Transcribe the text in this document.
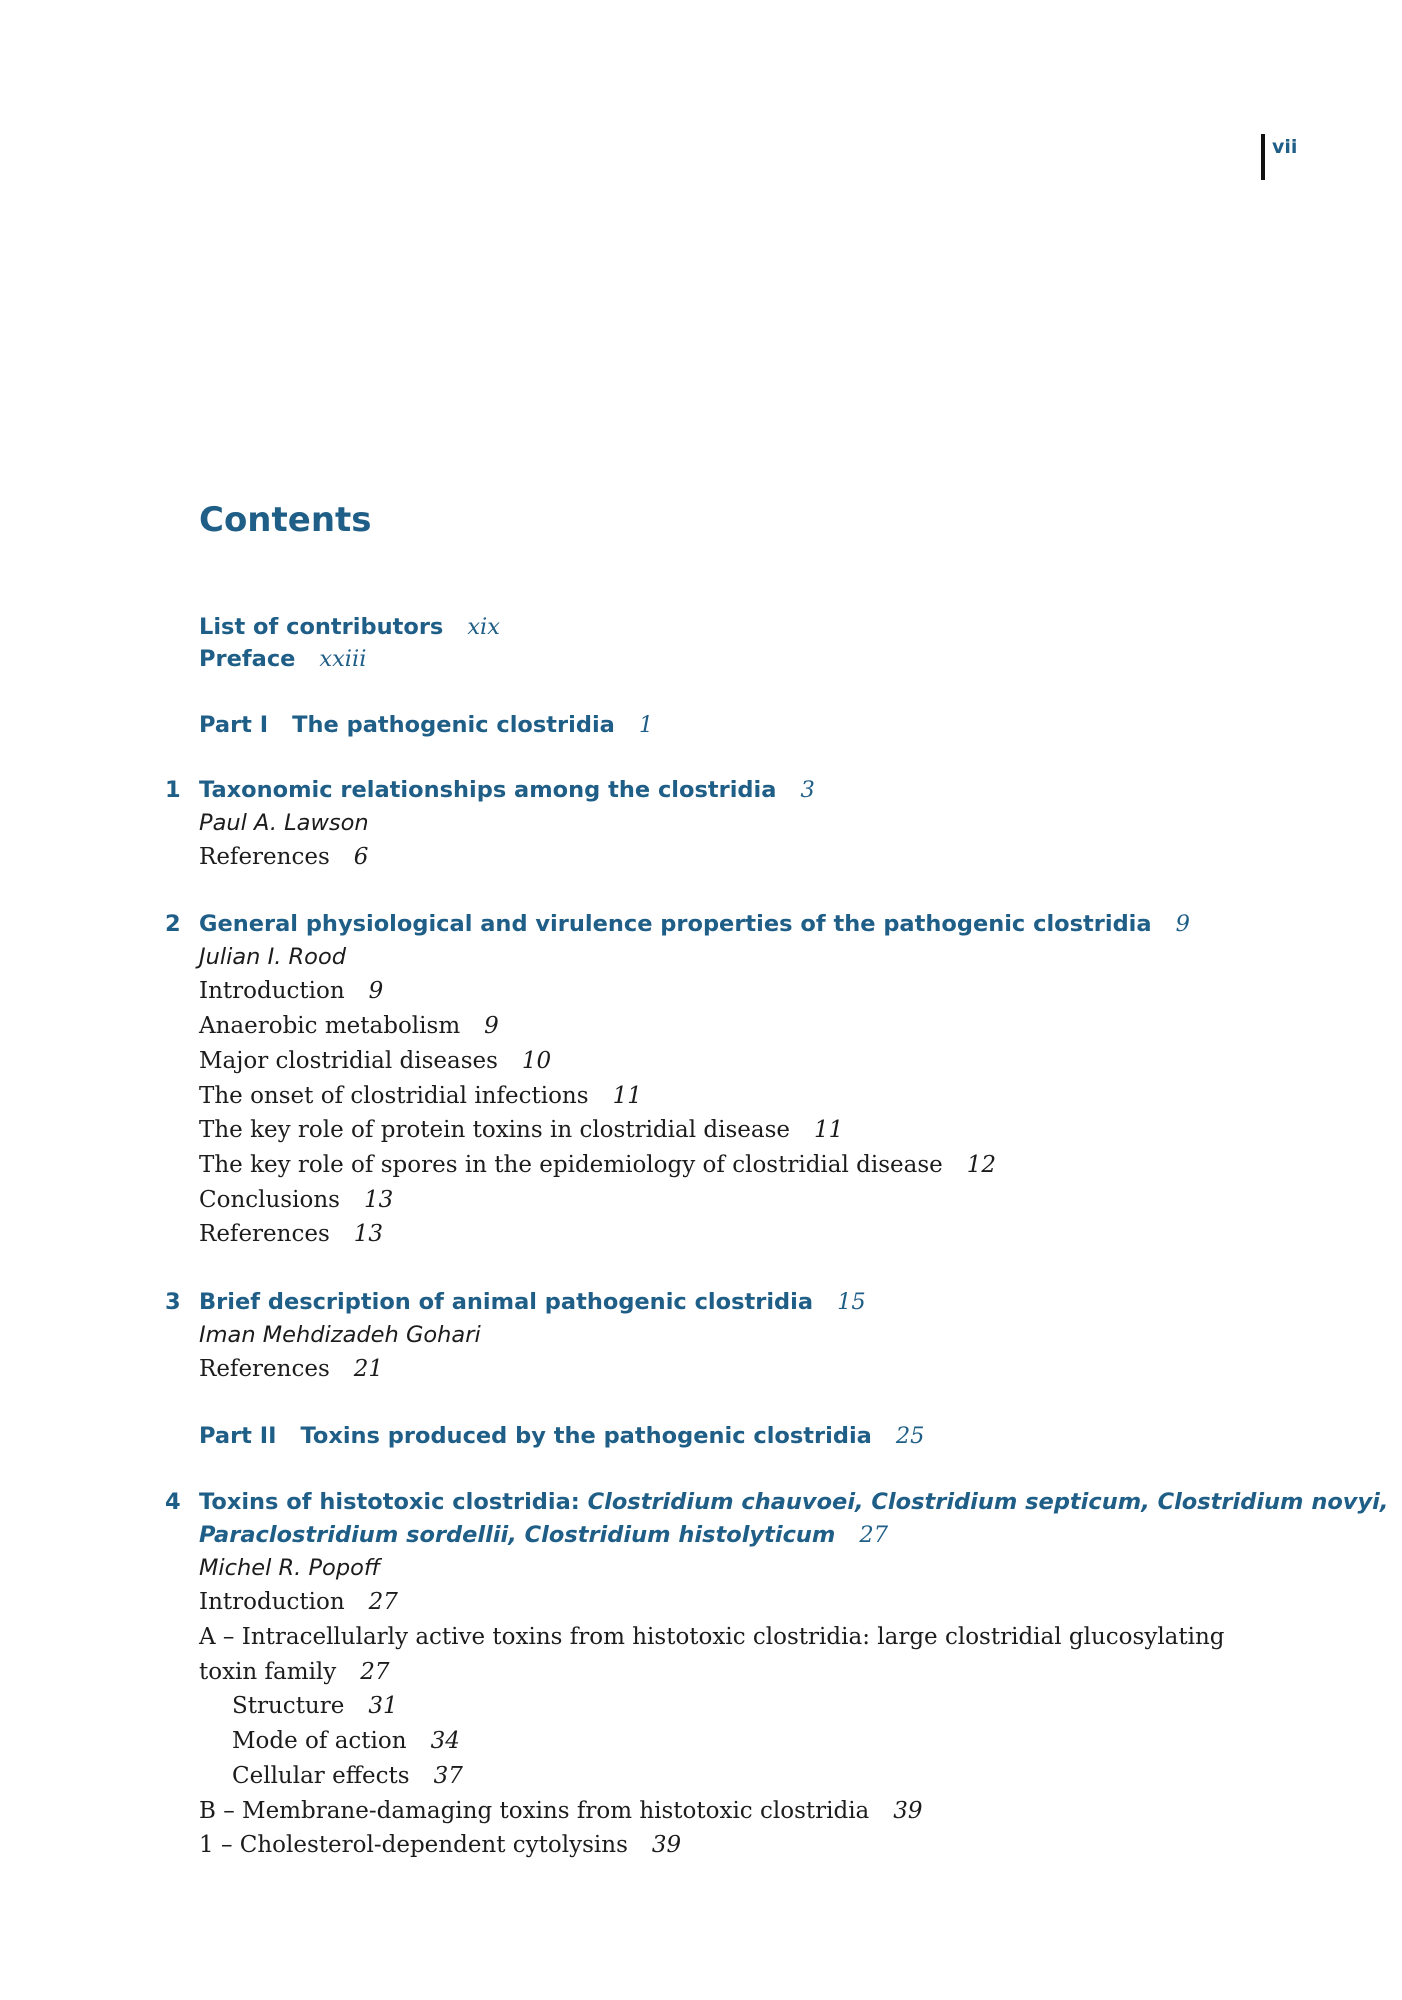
vii
Contents
List of contributors xix
Preface xxiii
Part I The pathogenic clostridia 1
1 Taxonomic relationships among the clostridia 3
Paul A. Lawson
References 6
2 General physiological and virulence properties of the pathogenic clostridia 9
Julian I. Rood
Introduction 9
Anaerobic metabolism 9
Major clostridial diseases 10
The onset of clostridial infections 11
The key role of protein toxins in clostridial disease 11
The key role of spores in the epidemiology of clostridial disease 12
Conclusions 13
References 13
3 Brief description of animal pathogenic clostridia 15
Iman Mehdizadeh Gohari
References 21
Part II Toxins produced by the pathogenic clostridia 25
4 Toxins of histotoxic clostridia: Clostridium chauvoei, Clostridium septicum, Clostridium novyi,
Paraclostridium sordellii, Clostridium histolyticum 27
Michel R. Popoff
Introduction 27
A – Intracellularly active toxins from histotoxic clostridia: large clostridial glucosylating
toxin family 27
Structure 31
Mode of action 34
Cellular effects 37
B – Membrane-damaging toxins from histotoxic clostridia 39
1 – Cholesterol-dependent cytolysins 39
